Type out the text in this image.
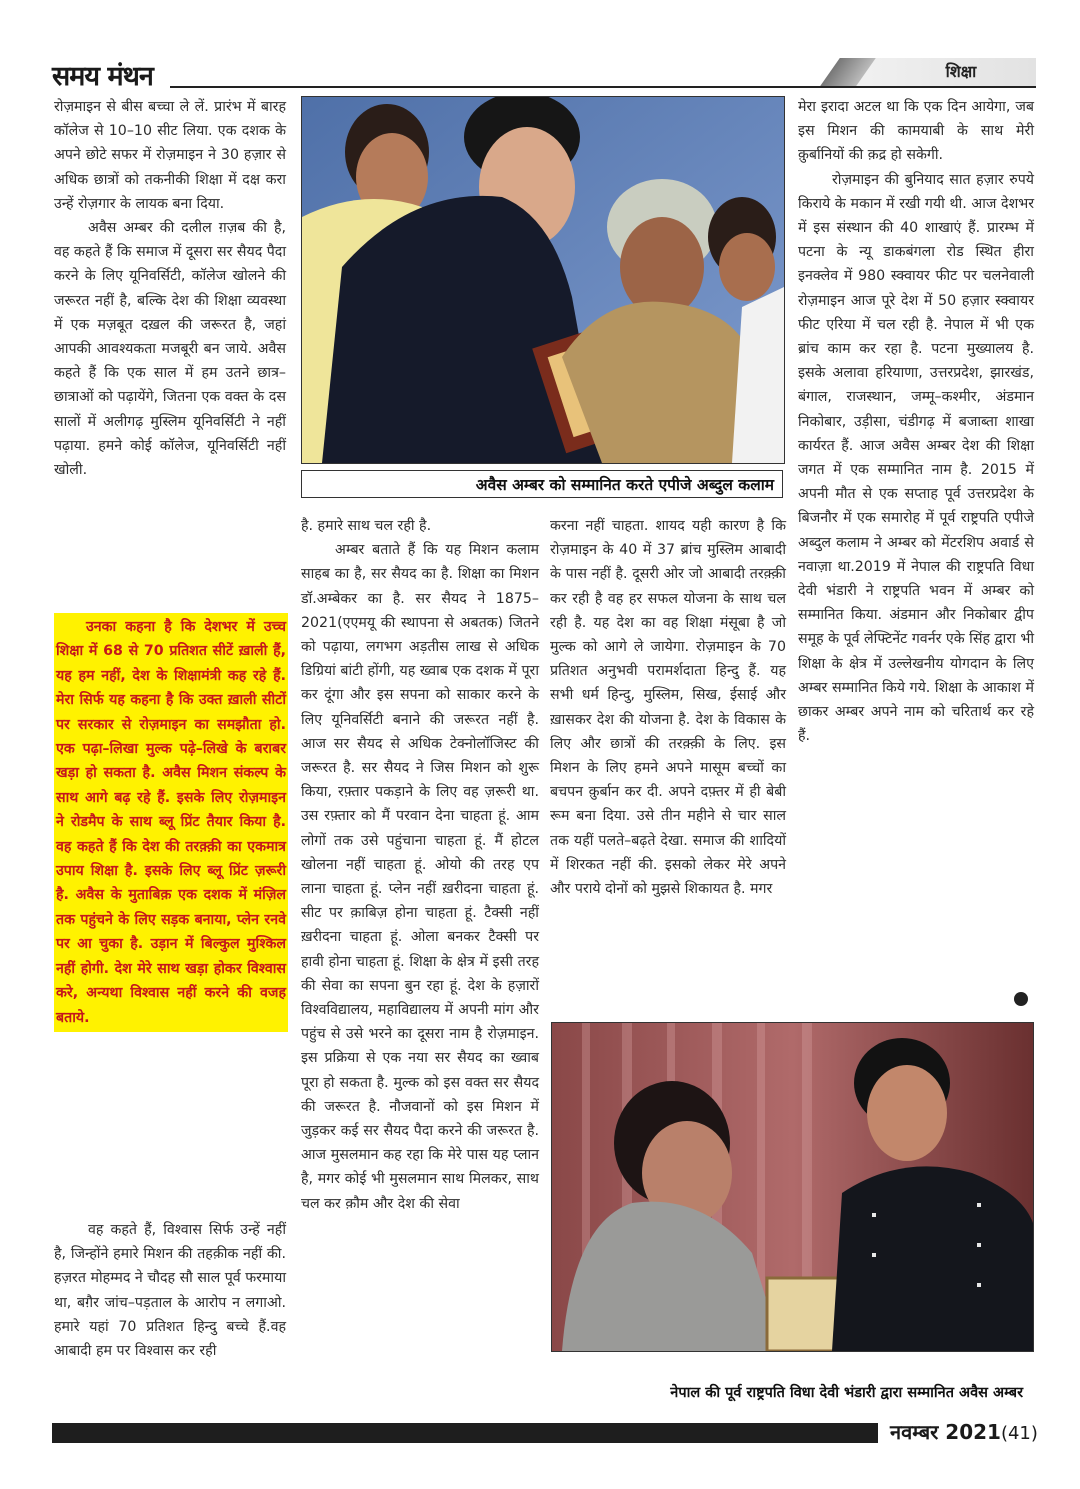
समय मंथन	शिक्षा

रोज़माइन से बीस बच्चा ले लें. प्रारंभ में बारह कॉलेज से 10–10 सीट लिया. एक दशक के अपने छोटे सफर में रोज़माइन ने 30 हज़ार से अधिक छात्रों को तकनीकी शिक्षा में दक्ष करा उन्हें रोज़गार के लायक बना दिया.

अवैस अम्बर की दलील ग़ज़ब की है, वह कहते हैं कि समाज में दूसरा सर सैयद पैदा करने के लिए यूनिवर्सिटी, कॉलेज खोलने की जरूरत नहीं है, बल्कि देश की शिक्षा व्यवस्था में एक मज़बूत दख़ल की जरूरत है, जहां आपकी आवश्यकता मजबूरी बन जाये. अवैस कहते हैं कि एक साल में हम उतने छात्र–छात्राओं को पढ़ायेंगे, जितना एक वक्त के दस सालों में अलीगढ़ मुस्लिम यूनिवर्सिटी ने नहीं पढ़ाया. हमने कोई कॉलेज, यूनिवर्सिटी नहीं खोली.

उनका कहना है कि देशभर में उच्च शिक्षा में 68 से 70 प्रतिशत सीटें ख़ाली हैं, यह हम नहीं, देश के शिक्षामंत्री कह रहे हैं. मेरा सिर्फ यह कहना है कि उक्त ख़ाली सीटों पर सरकार से रोज़माइन का समझौता हो. एक पढ़ा–लिखा मुल्क पढ़े–लिखे के बराबर खड़ा हो सकता है. अवैस मिशन संकल्प के साथ आगे बढ़ रहे हैं. इसके लिए रोज़माइन ने रोडमैप के साथ ब्लू प्रिंट तैयार किया है. वह कहते हैं कि देश की तरक़्क़ी का एकमात्र उपाय शिक्षा है. इसके लिए ब्लू प्रिंट ज़रूरी है. अवैस के मुताबिक़ एक दशक में मंज़िल तक पहुंचने के लिए सड़क बनाया, प्लेन रनवे पर आ चुका है. उड़ान में बिल्कुल मुश्किल नहीं होगी. देश मेरे साथ खड़ा होकर विश्वास करे, अन्यथा विश्वास नहीं करने की वजह बताये.

वह कहते हैं, विश्वास सिर्फ उन्हें नहीं है, जिन्होंने हमारे मिशन की तहक़ीक नहीं की. हज़रत मोहम्मद ने चौदह सौ साल पूर्व फरमाया था, बग़ैर जांच–पड़ताल के आरोप न लगाओ. हमारे यहां 70 प्रतिशत हिन्दु बच्चे हैं.वह आबादी हम पर विश्वास कर रही

अवैस अम्बर को सम्मानित करते एपीजे अब्दुल कलाम

है. हमारे साथ चल रही है.

अम्बर बताते हैं कि यह मिशन कलाम साहब का है, सर सैयद का है. शिक्षा का मिशन डॉ.अम्बेकर का है. सर सैयद ने 1875–2021(एएमयू की स्थापना से अबतक) जितने को पढ़ाया, लगभग अड़तीस लाख से अधिक डिग्रियां बांटी होंगी, यह ख्वाब एक दशक में पूरा कर दूंगा और इस सपना को साकार करने के लिए यूनिवर्सिटी बनाने की जरूरत नहीं है. आज सर सैयद से अधिक टेक्नोलॉजिस्ट की जरूरत है. सर सैयद ने जिस मिशन को शुरू किया, रफ़्तार पकड़ाने के लिए वह ज़रूरी था. उस रफ़्तार को मैं परवान देना चाहता हूं. आम लोगों तक उसे पहुंचाना चाहता हूं. मैं होटल खोलना नहीं चाहता हूं. ओयो की तरह एप लाना चाहता हूं. प्लेन नहीं ख़रीदना चाहता हूं. सीट पर क़ाबिज़ होना चाहता हूं. टैक्सी नहीं ख़रीदना चाहता हूं. ओला बनकर टैक्सी पर हावी होना चाहता हूं. शिक्षा के क्षेत्र में इसी तरह की सेवा का सपना बुन रहा हूं. देश के हज़ारों विश्वविद्यालय, महाविद्यालय में अपनी मांग और पहुंच से उसे भरने का दूसरा नाम है रोज़माइन. इस प्रक्रिया से एक नया सर सैयद का ख्वाब पूरा हो सकता है. मुल्क को इस वक्त सर सैयद की जरूरत है. नौजवानों को इस मिशन में जुड़कर कई सर सैयद पैदा करने की जरूरत है. आज मुसलमान कह रहा कि मेरे पास यह प्लान है, मगर कोई भी मुसलमान साथ मिलकर, साथ चल कर क़ौम और देश की सेवा

करना नहीं चाहता. शायद यही कारण है कि रोज़माइन के 40 में 37 ब्रांच मुस्लिम आबादी के पास नहीं है. दूसरी ओर जो आबादी तरक़्क़ी कर रही है वह हर सफल योजना के साथ चल रही है. यह देश का वह शिक्षा मंसूबा है जो मुल्क को आगे ले जायेगा. रोज़माइन के 70 प्रतिशत अनुभवी परामर्शदाता हिन्दु हैं. यह सभी धर्म हिन्दु, मुस्लिम, सिख, ईसाई और ख़ासकर देश की योजना है. देश के विकास के लिए और छात्रों की तरक़्क़ी के लिए. इस मिशन के लिए हमने अपने मासूम बच्चों का बचपन क़ुर्बान कर दी. अपने दफ़्तर में ही बेबी रूम बना दिया. उसे तीन महीने से चार साल तक यहीं पलते–बढ़ते देखा. समाज की शादियों में शिरकत नहीं की. इसको लेकर मेरे अपने और पराये दोनों को मुझसे शिकायत है. मगर

मेरा इरादा अटल था कि एक दिन आयेगा, जब इस मिशन की कामयाबी के साथ मेरी क़ुर्बानियों की क़द्र हो सकेगी.

रोज़माइन की बुनियाद सात हज़ार रुपये किराये के मकान में रखी गयी थी. आज देशभर में इस संस्थान की 40 शाखाएं हैं. प्रारम्भ में पटना के न्यू डाकबंगला रोड स्थित हीरा इनक्लेव में 980 स्क्वायर फीट पर चलनेवाली रोज़माइन आज पूरे देश में 50 हज़ार स्क्वायर फीट एरिया में चल रही है. नेपाल में भी एक ब्रांच काम कर रहा है. पटना मुख्यालय है. इसके अलावा हरियाणा, उत्तरप्रदेश, झारखंड, बंगाल, राजस्थान, जम्मू–कश्मीर, अंडमान निकोबार, उड़ीसा, चंडीगढ़ में बजाब्ता शाखा कार्यरत हैं. आज अवैस अम्बर देश की शिक्षा जगत में एक सम्मानित नाम है. 2015 में अपनी मौत से एक सप्ताह पूर्व उत्तरप्रदेश के बिजनौर में एक समारोह में पूर्व राष्ट्रपति एपीजे अब्दुल कलाम ने अम्बर को मेंटरशिप अवार्ड से नवाज़ा था.2019 में नेपाल की राष्ट्रपति विधा देवी भंडारी ने राष्ट्रपति भवन में अम्बर को सम्मानित किया. अंडमान और निकोबार द्वीप समूह के पूर्व लेफ्टिनेंट गवर्नर एके सिंह द्वारा भी शिक्षा के क्षेत्र में उल्लेखनीय योगदान के लिए अम्बर सम्मानित किये गये. शिक्षा के आकाश में छाकर अम्बर अपने नाम को चरितार्थ कर रहे हैं.

नेपाल की पूर्व राष्ट्रपति विधा देवी भंडारी द्वारा सम्मानित अवैस अम्बर
नवम्बर 2021(41)
